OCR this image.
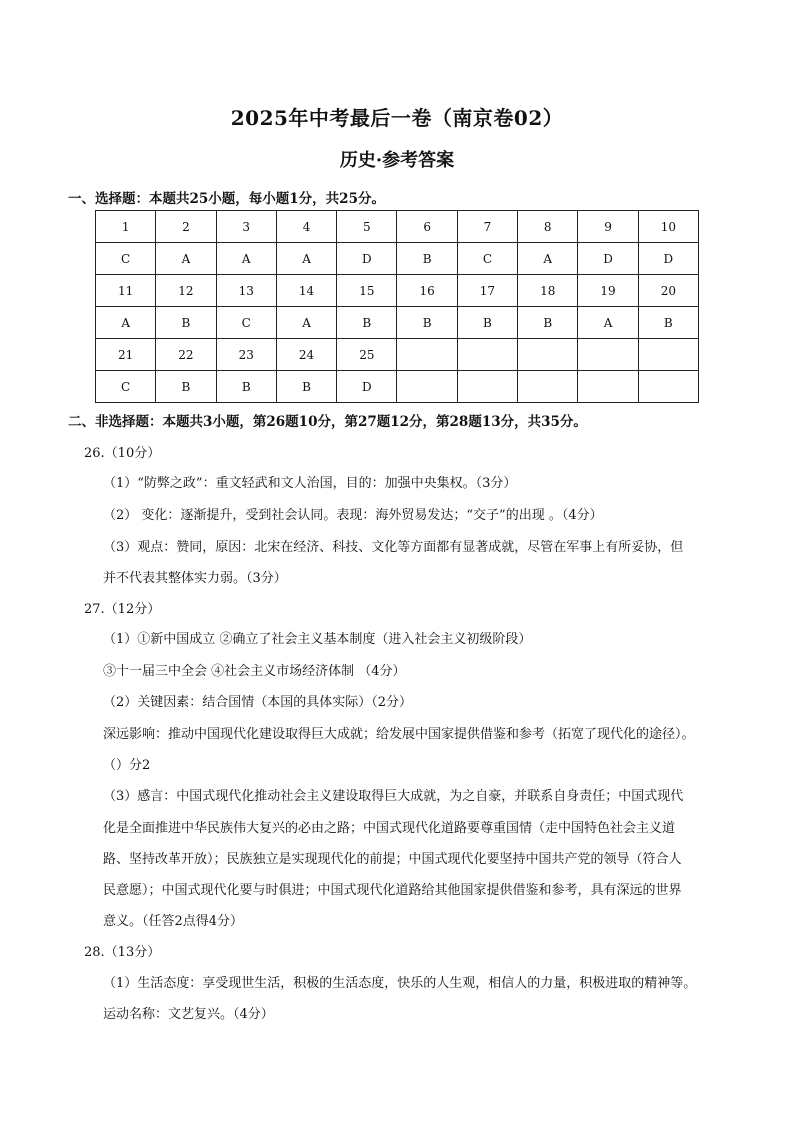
2025年中考最后一卷（南京卷02）
历史·参考答案
一、选择题：本题共25小题，每小题1分，共25分。
1	2	3	4	5	6	7	8	9	10
C	A	A	A	D	B	C	A	D	D
11	12	13	14	15	16	17	18	19	20
A	B	C	A	B	B	B	B	A	B
21	22	23	24	25					
C	B	B	B	D					
二、非选择题：本题共3小题，第26题10分，第27题12分，第28题13分，共35分。
26.（10分）
（1）“防弊之政”：重文轻武和文人治国，目的：加强中央集权。（3分）
（2） 变化：逐渐提升，受到社会认同。表现：海外贸易发达；“交子”的出现 。（4分）
（3）观点：赞同，原因：北宋在经济、科技、文化等方面都有显著成就，尽管在军事上有所妥协，但
并不代表其整体实力弱。（3分）
27.（12分）
（1）①新中国成立 ②确立了社会主义基本制度（进入社会主义初级阶段）
③十一届三中全会 ④社会主义市场经济体制 （4分）
（2）关键因素：结合国情（本国的具体实际）（2分）
深远影响：推动中国现代化建设取得巨大成就；给发展中国家提供借鉴和参考（拓宽了现代化的途径）。
（）分2
（3）感言：中国式现代化推动社会主义建设取得巨大成就，为之自豪，并联系自身责任；中国式现代
化是全面推进中华民族伟大复兴的必由之路；中国式现代化道路要尊重国情（走中国特色社会主义道
路、坚持改革开放）；民族独立是实现现代化的前提；中国式现代化要坚持中国共产党的领导（符合人
民意愿）；中国式现代化要与时俱进；中国式现代化道路给其他国家提供借鉴和参考，具有深远的世界
意义。（任答2点得4分）
28.（13分）
（1）生活态度：享受现世生活，积极的生活态度，快乐的人生观，相信人的力量，积极进取的精神等。
运动名称：文艺复兴。（4分）
